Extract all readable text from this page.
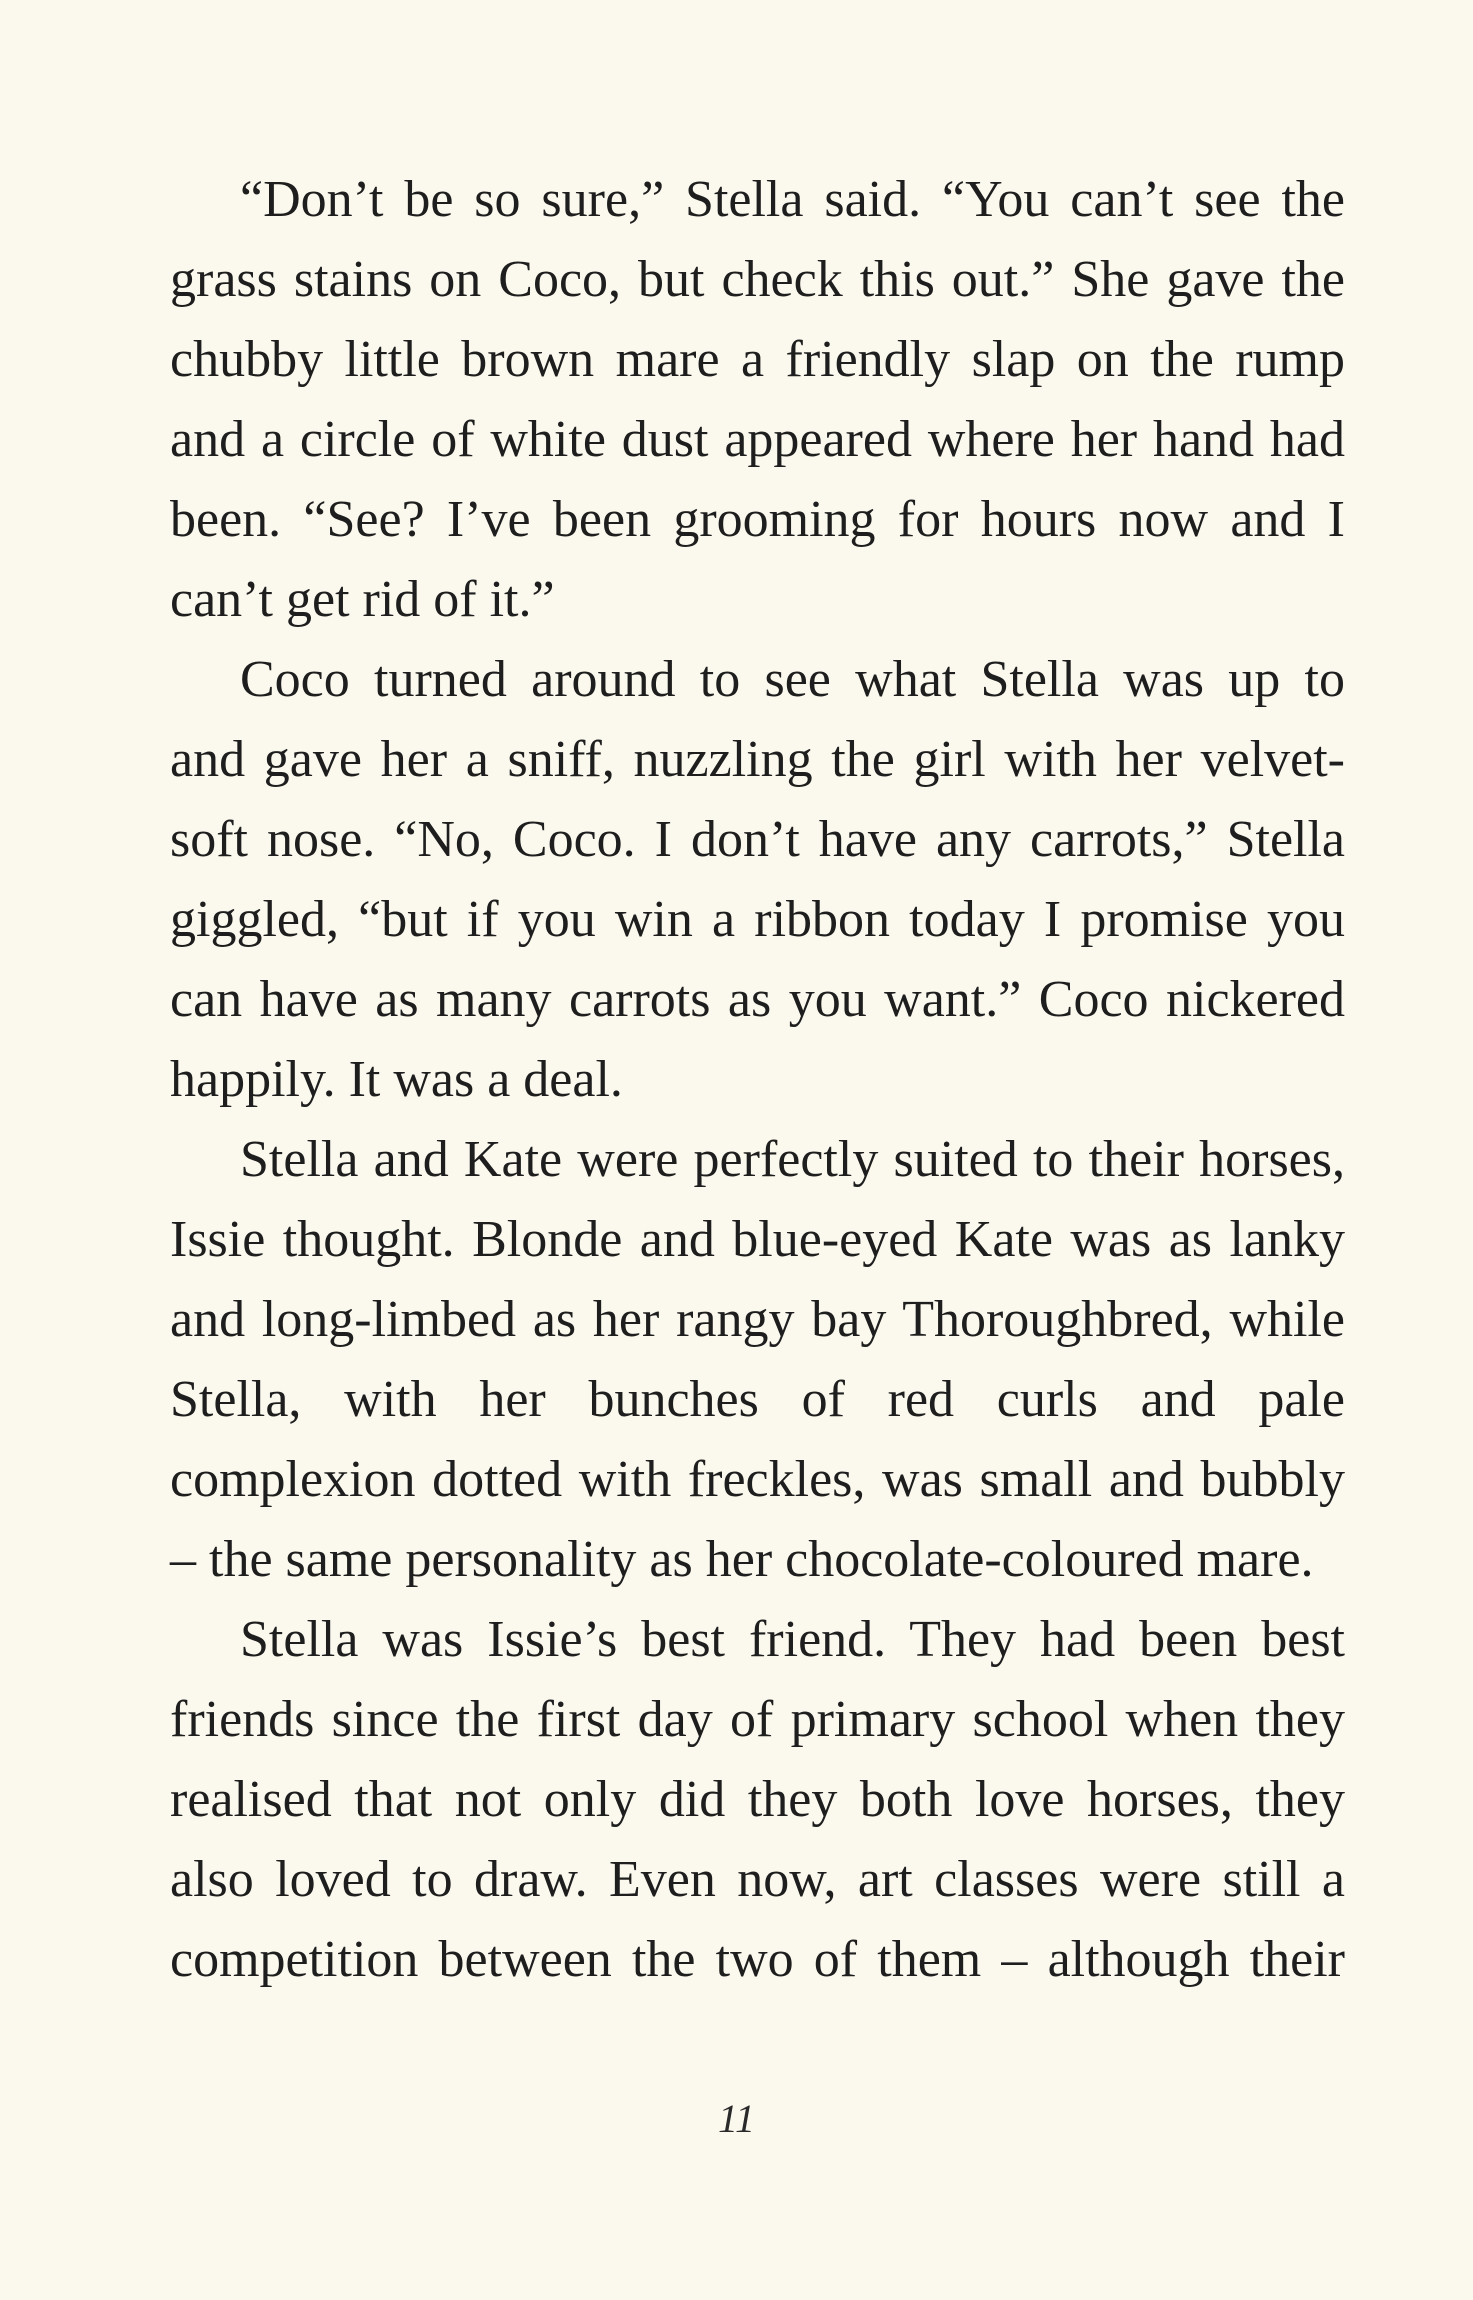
“Don’t be so sure,” Stella said. “You can’t see the
grass stains on Coco, but check this out.” She gave the
chubby little brown mare a friendly slap on the rump
and a circle of white dust appeared where her hand had
been. “See? I’ve been grooming for hours now and I
can’t get rid of it.”
Coco turned around to see what Stella was up to
and gave her a sniff, nuzzling the girl with her velvet-
soft nose. “No, Coco. I don’t have any carrots,” Stella
giggled, “but if you win a ribbon today I promise you
can have as many carrots as you want.” Coco nickered
happily. It was a deal.
Stella and Kate were perfectly suited to their horses,
Issie thought. Blonde and blue-eyed Kate was as lanky
and long-limbed as her rangy bay Thoroughbred, while
Stella, with her bunches of red curls and pale
complexion dotted with freckles, was small and bubbly
– the same personality as her chocolate-coloured mare.
Stella was Issie’s best friend. They had been best
friends since the first day of primary school when they
realised that not only did they both love horses, they
also loved to draw. Even now, art classes were still a
competition between the two of them – although their
11
